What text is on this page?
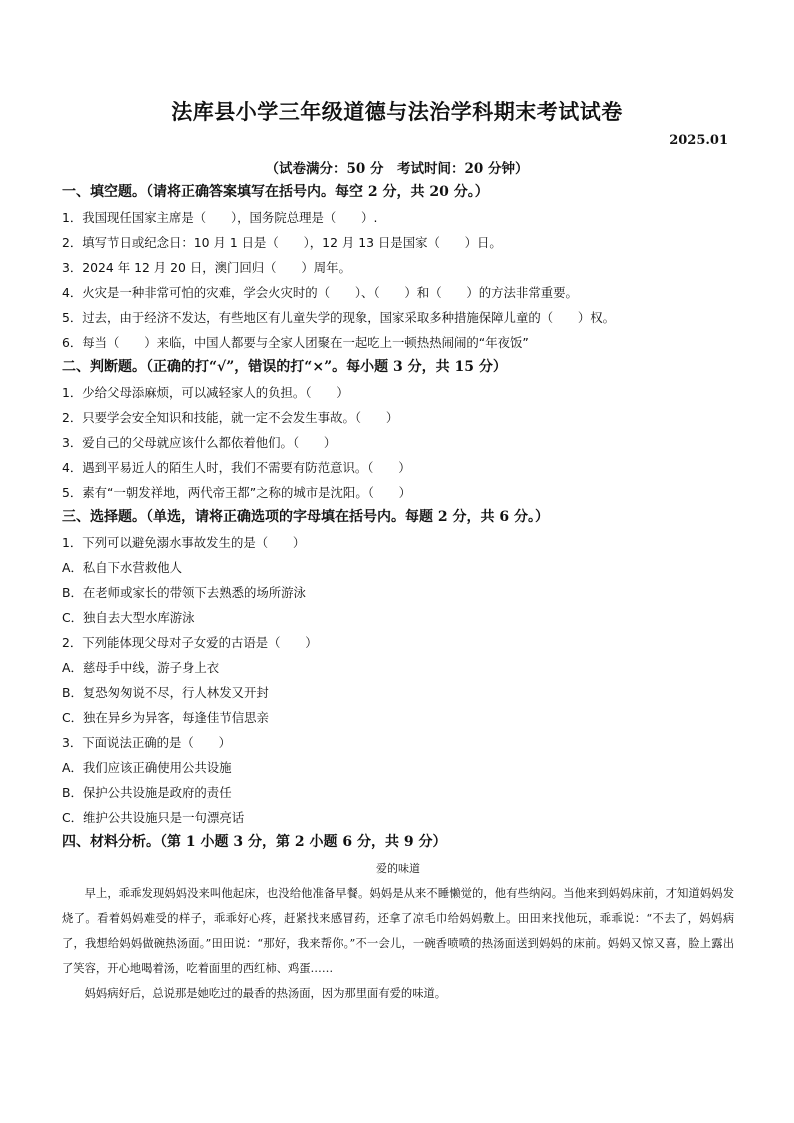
法库县小学三年级道德与法治学科期末考试试卷
2025.01
（试卷满分：50 分　考试时间：20 分钟）
一、填空题。（请将正确答案填写在括号内。每空 2 分，共 20 分。）
1．我国现任国家主席是（　　），国务院总理是（　　）.
2．填写节日或纪念日：10 月 1 日是（　　），12 月 13 日是国家（　　）日。
3．2024 年 12 月 20 日，澳门回归（　　）周年。
4．火灾是一种非常可怕的灾难，学会火灾时的（　　）、（　　）和（　　）的方法非常重要。
5．过去，由于经济不发达，有些地区有儿童失学的现象，国家采取多种措施保障儿童的（　　）权。
6．每当（　　）来临，中国人都要与全家人团聚在一起吃上一顿热热闹闹的“年夜饭”
二、判断题。（正确的打“√”，错误的打“×”。每小题 3 分，共 15 分）
1．少给父母添麻烦，可以减轻家人的负担。（　　）
2．只要学会安全知识和技能，就一定不会发生事故。（　　）
3．爱自己的父母就应该什么都依着他们。（　　）
4．遇到平易近人的陌生人时，我们不需要有防范意识。（　　）
5．素有“一朝发祥地，两代帝王都”之称的城市是沈阳。（　　）
三、选择题。（单选，请将正确选项的字母填在括号内。每题 2 分，共 6 分。）
1．下列可以避免溺水事故发生的是（　　）
A．私自下水营救他人
B．在老师或家长的带领下去熟悉的场所游泳
C．独自去大型水库游泳
2．下列能体现父母对子女爱的古语是（　　）
A．慈母手中线，游子身上衣
B．复恐匆匆说不尽，行人林发又开封
C．独在异乡为异客，每逢佳节信思亲
3．下面说法正确的是（　　）
A．我们应该正确使用公共设施
B．保护公共设施是政府的责任
C．维护公共设施只是一句漂亮话
四、材料分析。（第 1 小题 3 分，第 2 小题 6 分，共 9 分）
爱的味道

早上，乖乖发现妈妈没来叫他起床，也没给他准备早餐。妈妈是从来不睡懒觉的，他有些纳闷。当他来到妈妈床前，才知道妈妈发烧了。看着妈妈难受的样子，乖乖好心疼，赶紧找来感冒药，还拿了凉毛巾给妈妈敷上。田田来找他玩，乖乖说：“不去了，妈妈病了，我想给妈妈做碗热汤面。”田田说：“那好，我来帮你。”不一会儿，一碗香喷喷的热汤面送到妈妈的床前。妈妈又惊又喜，脸上露出了笑容，开心地喝着汤，吃着面里的西红柿、鸡蛋……

妈妈病好后，总说那是她吃过的最香的热汤面，因为那里面有爱的味道。
